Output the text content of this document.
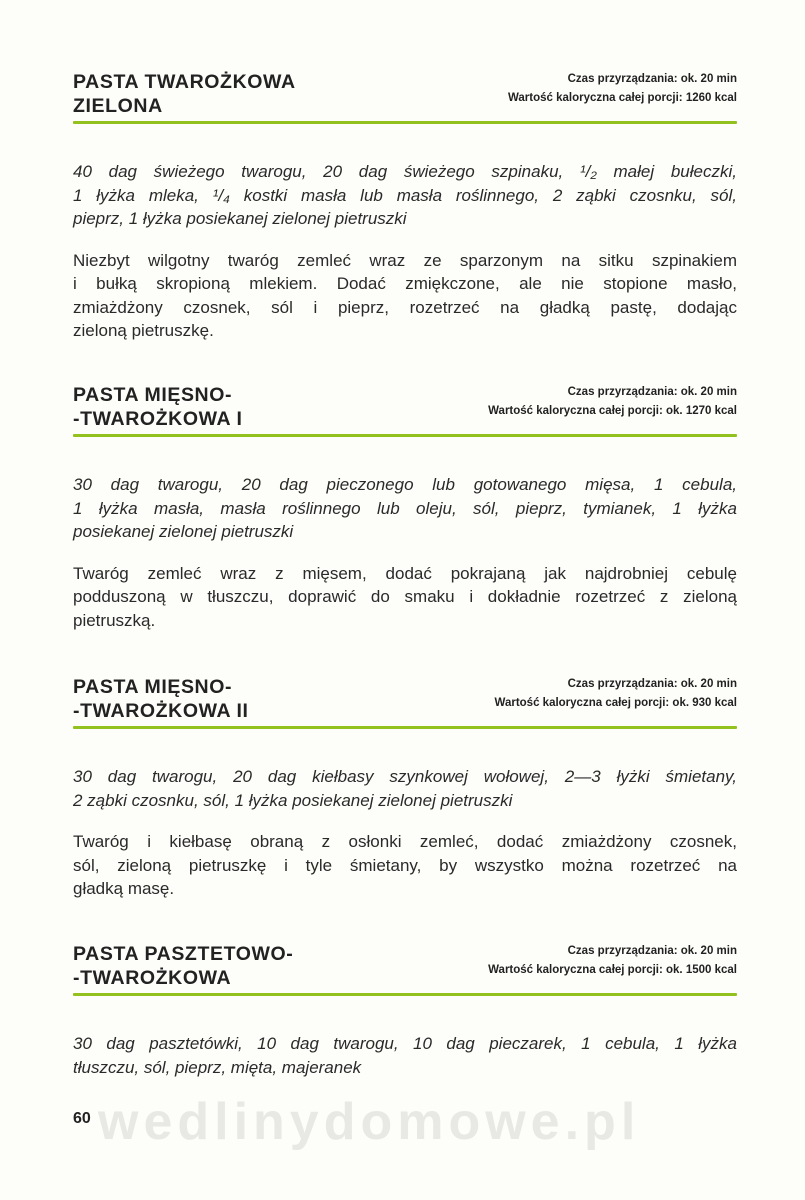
PASTA TWAROŻKOWA
ZIELONA
Czas przyrządzania: ok. 20 min
Wartość kaloryczna całej porcji: 1260 kcal

40 dag świeżego twarogu, 20 dag świeżego szpinaku, ¹/₂ małej bułeczki,
1 łyżka mleka, ¹/₄ kostki masła lub masła roślinnego, 2 ząbki czosnku, sól,
pieprz, 1 łyżka posiekanej zielonej pietruszki

Niezbyt wilgotny twaróg zemleć wraz ze sparzonym na sitku szpinakiem
i bułką skropioną mlekiem. Dodać zmiękczone, ale nie stopione masło,
zmiażdżony czosnek, sól i pieprz, rozetrzeć na gładką pastę, dodając
zieloną pietruszkę.

PASTA MIĘSNO-
-TWAROŻKOWA I
Czas przyrządzania: ok. 20 min
Wartość kaloryczna całej porcji: ok. 1270 kcal

30 dag twarogu, 20 dag pieczonego lub gotowanego mięsa, 1 cebula,
1 łyżka masła, masła roślinnego lub oleju, sól, pieprz, tymianek, 1 łyżka
posiekanej zielonej pietruszki

Twaróg zemleć wraz z mięsem, dodać pokrajaną jak najdrobniej cebulę
podduszoną w tłuszczu, doprawić do smaku i dokładnie rozetrzeć z zieloną
pietruszką.

PASTA MIĘSNO-
-TWAROŻKOWA II
Czas przyrządzania: ok. 20 min
Wartość kaloryczna całej porcji: ok. 930 kcal

30 dag twarogu, 20 dag kiełbasy szynkowej wołowej, 2—3 łyżki śmietany,
2 ząbki czosnku, sól, 1 łyżka posiekanej zielonej pietruszki

Twaróg i kiełbasę obraną z osłonki zemleć, dodać zmiażdżony czosnek,
sól, zieloną pietruszkę i tyle śmietany, by wszystko można rozetrzeć na
gładką masę.

PASTA PASZTETOWO-
-TWAROŻKOWA
Czas przyrządzania: ok. 20 min
Wartość kaloryczna całej porcji: ok. 1500 kcal

30 dag pasztetówki, 10 dag twarogu, 10 dag pieczarek, 1 cebula, 1 łyżka
tłuszczu, sól, pieprz, mięta, majeranek

wedlinydomowe.pl
60
